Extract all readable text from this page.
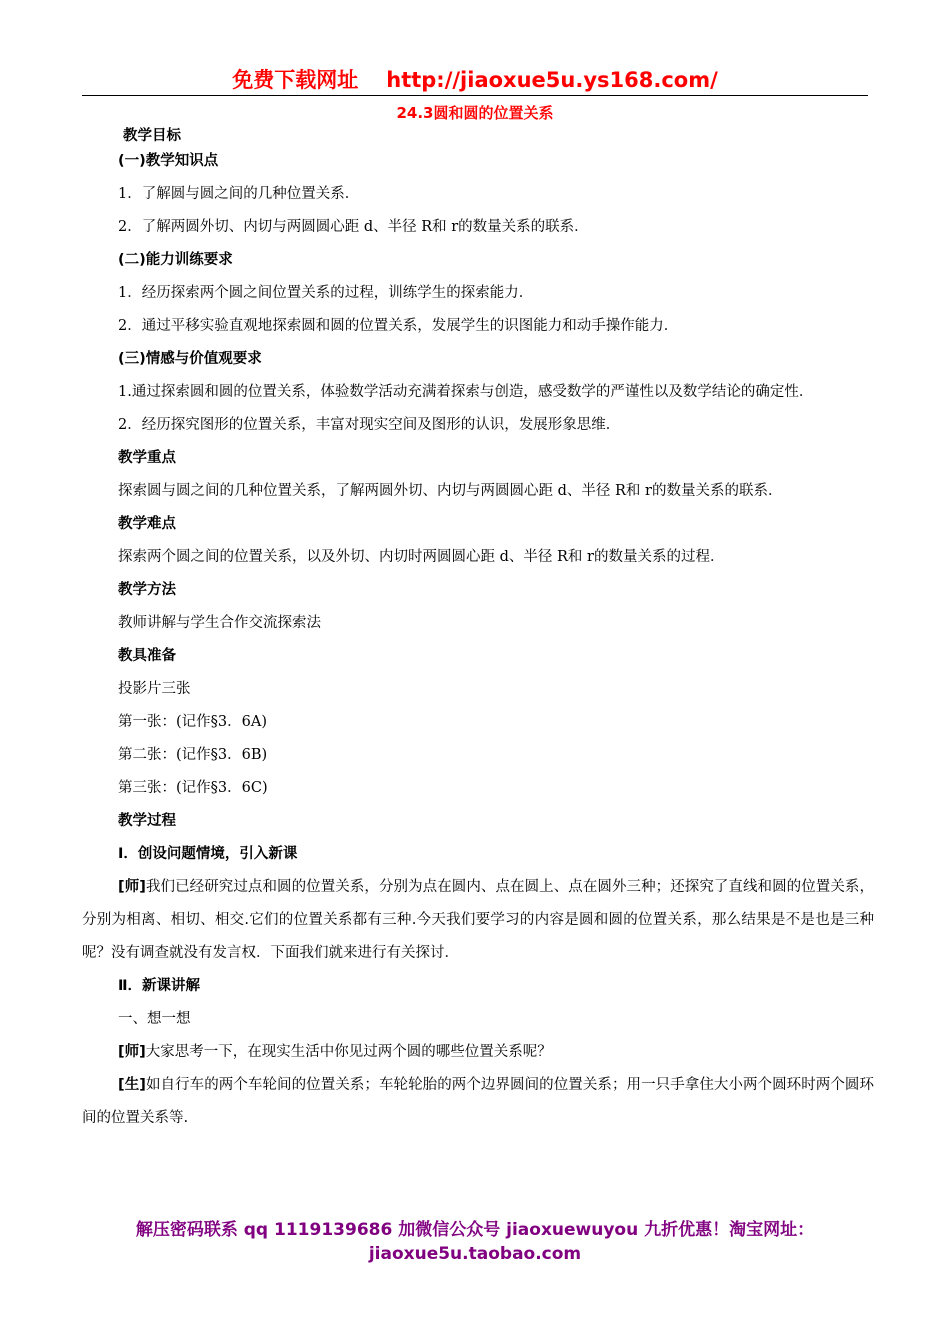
免费下载网址 http://jiaoxue5u.ys168.com/
24.3圆和圆的位置关系
教学目标
(一)教学知识点
1．了解圆与圆之间的几种位置关系．
2．了解两圆外切、内切与两圆圆心距 d、半径 R和 r的数量关系的联系．
(二)能力训练要求
1．经历探索两个圆之间位置关系的过程，训练学生的探索能力．
2．通过平移实验直观地探索圆和圆的位置关系，发展学生的识图能力和动手操作能力．
(三)情感与价值观要求
1.通过探索圆和圆的位置关系，体验数学活动充满着探索与创造，感受数学的严谨性以及数学结论的确定性．
2．经历探究图形的位置关系，丰富对现实空间及图形的认识，发展形象思维．
教学重点
探索圆与圆之间的几种位置关系，了解两圆外切、内切与两圆圆心距 d、半径 R和 r的数量关系的联系．
教学难点
探索两个圆之间的位置关系，以及外切、内切时两圆圆心距 d、半径 R和 r的数量关系的过程．
教学方法
教师讲解与学生合作交流探索法
教具准备
投影片三张
第一张：(记作§3．6A)
第二张：(记作§3．6B)
第三张：(记作§3．6C)
教学过程
Ⅰ．创设问题情境，引入新课
[师]我们已经研究过点和圆的位置关系，分别为点在圆内、点在圆上、点在圆外三种；还探究了直线和圆的位置关系，分别为相离、相切、相交.它们的位置关系都有三种.今天我们要学习的内容是圆和圆的位置关系，那么结果是不是也是三种呢？没有调查就没有发言权．下面我们就来进行有关探讨．
Ⅱ．新课讲解
一、想一想
[师]大家思考一下，在现实生活中你见过两个圆的哪些位置关系呢？
[生]如自行车的两个车轮间的位置关系；车轮轮胎的两个边界圆间的位置关系；用一只手拿住大小两个圆环时两个圆环间的位置关系等.
解压密码联系 qq 1119139686 加微信公众号 jiaoxuewuyou 九折优惠！淘宝网址：
jiaoxue5u.taobao.com
